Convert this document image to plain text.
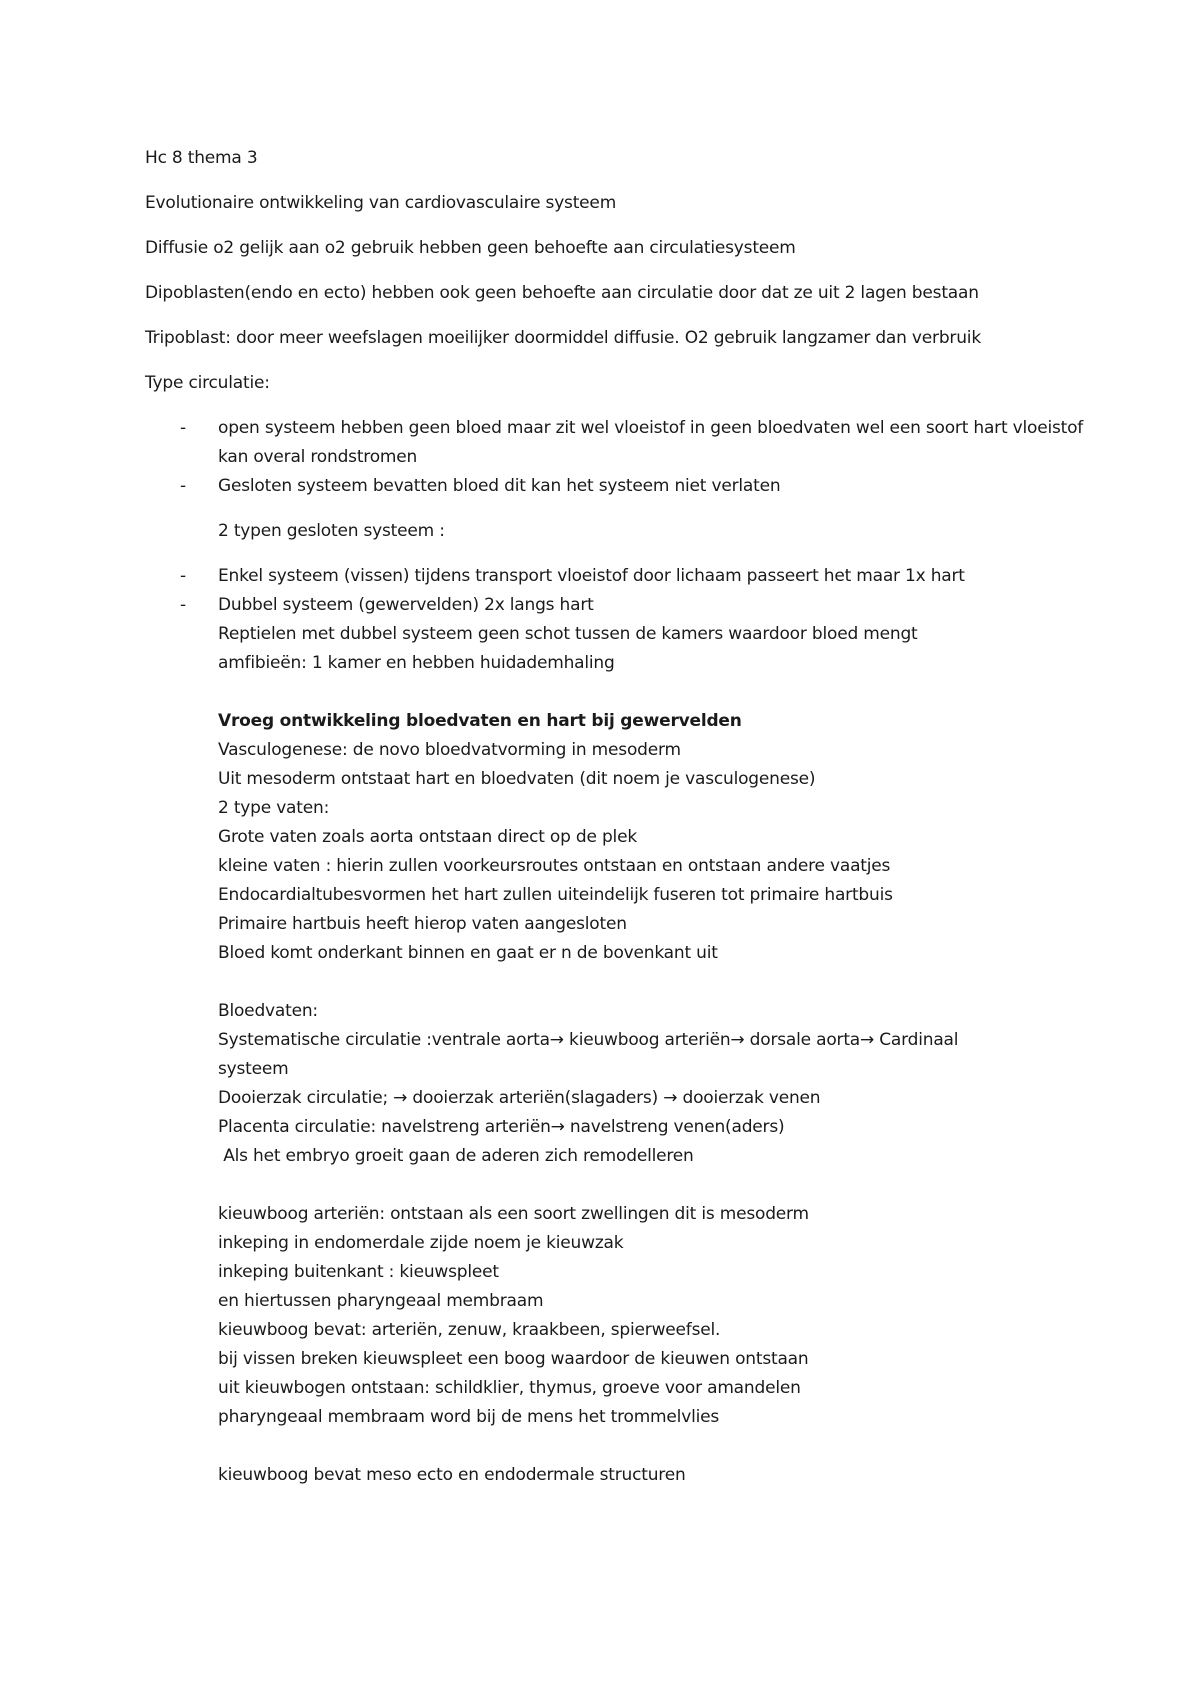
Hc 8 thema 3

Evolutionaire ontwikkeling van cardiovasculaire systeem

Diffusie o2 gelijk aan o2 gebruik hebben geen behoefte aan circulatiesysteem

Dipoblasten(endo en ecto) hebben ook geen behoefte aan circulatie door dat ze uit 2 lagen bestaan

Tripoblast: door meer weefslagen moeilijker doormiddel diffusie. O2 gebruik langzamer dan verbruik

Type circulatie:

- open systeem hebben geen bloed maar zit wel vloeistof in geen bloedvaten wel een soort hart vloeistof kan overal rondstromen
- Gesloten systeem bevatten bloed dit kan het systeem niet verlaten

2 typen gesloten systeem :

- Enkel systeem (vissen) tijdens transport vloeistof door lichaam passeert het maar 1x hart
- Dubbel systeem (gewervelden) 2x langs hart
Reptielen met dubbel systeem geen schot tussen de kamers waardoor bloed mengt
amfibieën: 1 kamer en hebben huidademhaling
Vroeg ontwikkeling bloedvaten en hart bij gewervelden
Vasculogenese: de novo bloedvatvorming in mesoderm
Uit mesoderm ontstaat hart en bloedvaten (dit noem je vasculogenese)
2 type vaten:
Grote vaten zoals aorta ontstaan direct op de plek
kleine vaten : hierin zullen voorkeursroutes ontstaan en ontstaan andere vaatjes
Endocardialtubesvormen het hart zullen uiteindelijk fuseren tot primaire hartbuis
Primaire hartbuis heeft hierop vaten aangesloten
Bloed komt onderkant binnen en gaat er n de bovenkant uit
Bloedvaten:
Systematische circulatie :ventrale aorta→ kieuwboog arteriën→ dorsale aorta→ Cardinaal
systeem
Dooierzak circulatie; → dooierzak arteriën(slagaders) → dooierzak venen
Placenta circulatie: navelstreng arteriën→ navelstreng venen(aders)
Als het embryo groeit gaan de aderen zich remodelleren
kieuwboog arteriën: ontstaan als een soort zwellingen dit is mesoderm
inkeping in endomerdale zijde noem je kieuwzak
inkeping buitenkant : kieuwspleet
en hiertussen pharyngeaal membraam
kieuwboog bevat: arteriën, zenuw, kraakbeen, spierweefsel.
bij vissen breken kieuwspleet een boog waardoor de kieuwen ontstaan
uit kieuwbogen ontstaan: schildklier, thymus, groeve voor amandelen
pharyngeaal membraam word bij de mens het trommelvlies
kieuwboog bevat meso ecto en endodermale structuren
